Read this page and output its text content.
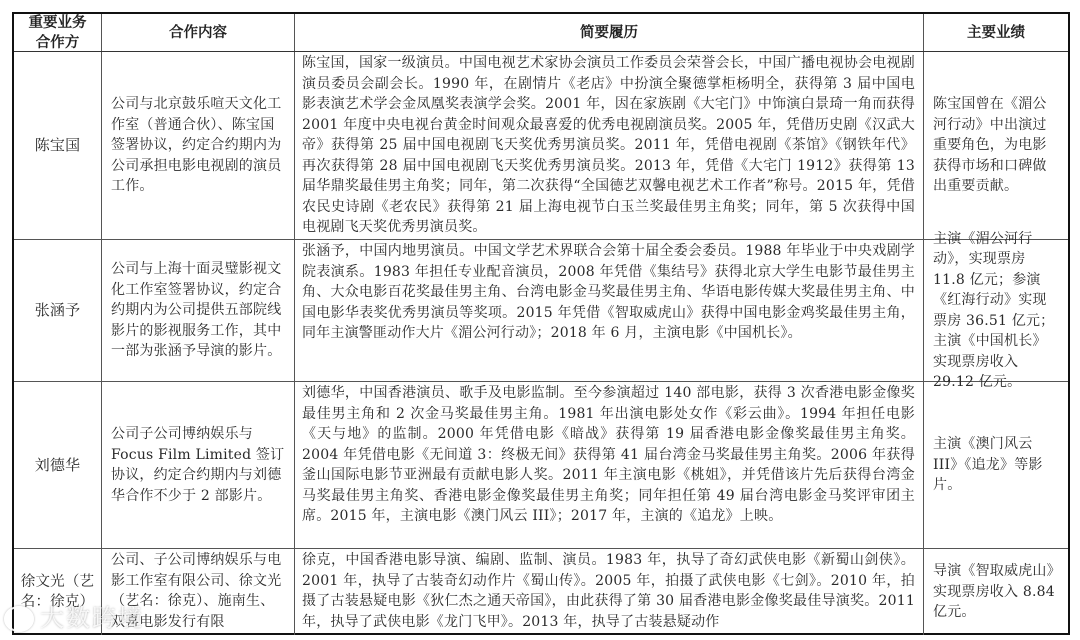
重要业务
合作方
合作内容	简要履历	主要业绩
陈宝国
公司与北京鼓乐喧天文化工作室（普通合伙）、陈宝国签署协议，约定合约期内为公司承担电影电视剧的演员工作。
陈宝国，国家一级演员。中国电视艺术家协会演员工作委员会荣誉会长，中国广播电视协会电视剧演员委员会副会长。1990 年，在剧情片《老店》中扮演全聚德掌柜杨明全，获得第 3 届中国电影表演艺术学会金凤凰奖表演学会奖。2001 年，因在家族剧《大宅门》中饰演白景琦一角而获得 2001 年度中央电视台黄金时间观众最喜爱的优秀电视剧演员奖。2005 年，凭借历史剧《汉武大帝》获得第 25 届中国电视剧飞天奖优秀男演员奖。2011 年，凭借电视剧《茶馆》《钢铁年代》再次获得第 28 届中国电视剧飞天奖优秀男演员奖。2013 年，凭借《大宅门 1912》获得第 13 届华鼎奖最佳男主角奖；同年，第二次获得“全国德艺双馨电视艺术工作者”称号。2015 年，凭借农民史诗剧《老农民》获得第 21 届上海电视节白玉兰奖最佳男主角奖；同年，第 5 次获得中国电视剧飞天奖优秀男演员奖。
陈宝国曾在《湄公河行动》中出演过重要角色，为电影获得市场和口碑做出重要贡献。
张涵予
公司与上海十面灵璧影视文化工作室签署协议，约定合约期内为公司提供五部院线影片的影视服务工作，其中一部为张涵予导演的影片。
张涵予，中国内地男演员。中国文学艺术界联合会第十届全委会委员。1988 年毕业于中央戏剧学院表演系。1983 年担任专业配音演员，2008 年凭借《集结号》获得北京大学生电影节最佳男主角、大众电影百花奖最佳男主角、台湾电影金马奖最佳男主角、华语电影传媒大奖最佳男主角、中国电影华表奖优秀男演员等奖项。2015 年凭借《智取威虎山》获得中国电影金鸡奖最佳男主角，同年主演警匪动作大片《湄公河行动》；2018 年 6 月，主演电影《中国机长》。
主演《湄公河行动》，实现票房 11.8 亿元；参演《红海行动》实现票房 36.51 亿元；主演《中国机长》实现票房收入 29.12 亿元。
刘德华
公司子公司博纳娱乐与 Focus Film Limited 签订协议，约定合约期内与刘德华合作不少于 2 部影片。
刘德华，中国香港演员、歌手及电影监制。至今参演超过 140 部电影，获得 3 次香港电影金像奖最佳男主角和 2 次金马奖最佳男主角。1981 年出演电影处女作《彩云曲》。1994 年担任电影《天与地》的监制。2000 年凭借电影《暗战》获得第 19 届香港电影金像奖最佳男主角奖。2004 年凭借电影《无间道 3：终极无间》获得第 41 届台湾金马奖最佳男主角奖。2006 年获得釜山国际电影节亚洲最有贡献电影人奖。2011 年主演电影《桃姐》，并凭借该片先后获得台湾金马奖最佳男主角奖、香港电影金像奖最佳男主角奖；同年担任第 49 届台湾电影金马奖评审团主席。2015 年，主演电影《澳门风云 III》；2017 年，主演的《追龙》上映。
主演《澳门风云 III》《追龙》等影片。
徐文光（艺名：徐克）
公司、子公司博纳娱乐与电影工作室有限公司、徐文光（艺名：徐克）、施南生、双喜电影发行有限
徐克，中国香港电影导演、编剧、监制、演员。1983 年，执导了奇幻武侠电影《新蜀山剑侠》。2001 年，执导了古装奇幻动作片《蜀山传》。2005 年，拍摄了武侠电影《七剑》。2010 年，拍摄了古装悬疑电影《狄仁杰之通天帝国》，由此获得了第 30 届香港电影金像奖最佳导演奖。2011 年，执导了武侠电影《龙门飞甲》。2013 年，执导了古装悬疑动作
导演《智取威虎山》实现票房收入 8.84 亿元。
大数跨境
